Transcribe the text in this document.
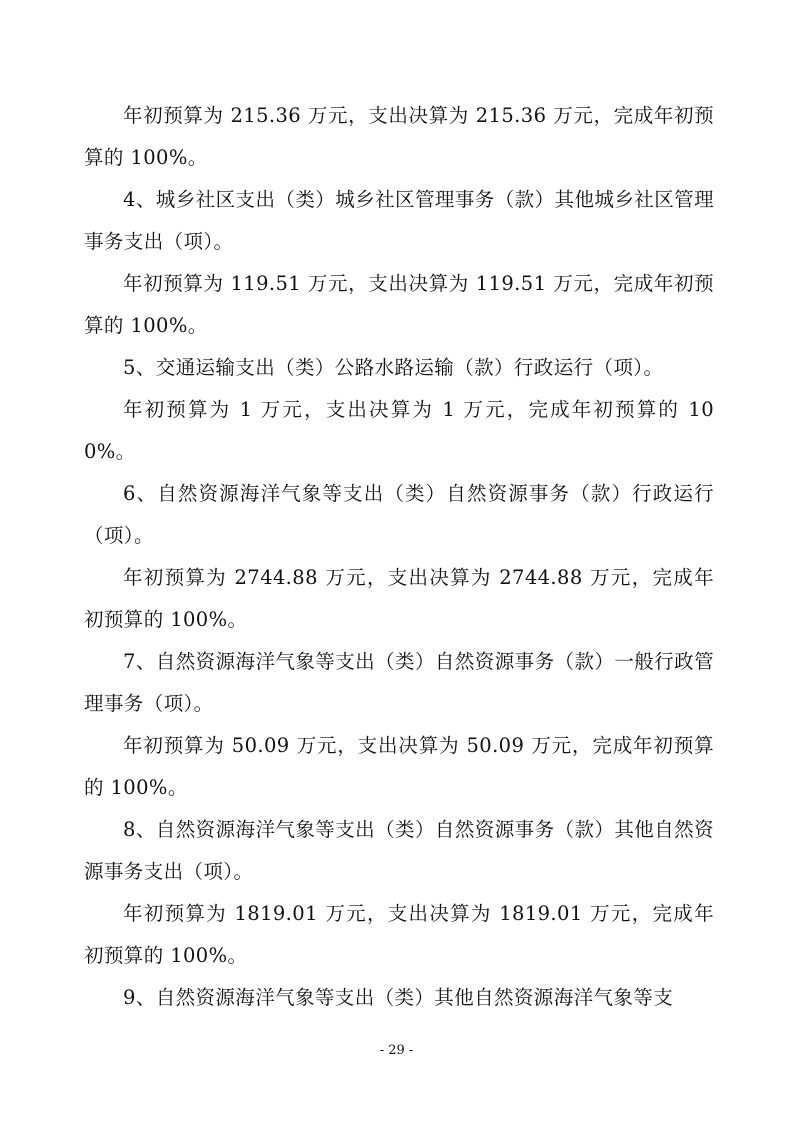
年初预算为 215.36 万元，支出决算为 215.36 万元，完成年初预算的 100%。

4、城乡社区支出（类）城乡社区管理事务（款）其他城乡社区管理事务支出（项）。

年初预算为 119.51 万元，支出决算为 119.51 万元，完成年初预算的 100%。

5、交通运输支出（类）公路水路运输（款）行政运行（项）。

年初预算为 1 万元，支出决算为 1 万元，完成年初预算的 100%。

6、自然资源海洋气象等支出（类）自然资源事务（款）行政运行（项）。

年初预算为 2744.88 万元，支出决算为 2744.88 万元，完成年初预算的 100%。

7、自然资源海洋气象等支出（类）自然资源事务（款）一般行政管理事务（项）。

年初预算为 50.09 万元，支出决算为 50.09 万元，完成年初预算的 100%。

8、自然资源海洋气象等支出（类）自然资源事务（款）其他自然资源事务支出（项）。

年初预算为 1819.01 万元，支出决算为 1819.01 万元，完成年初预算的 100%。

9、自然资源海洋气象等支出（类）其他自然资源海洋气象等支

- 29 -
